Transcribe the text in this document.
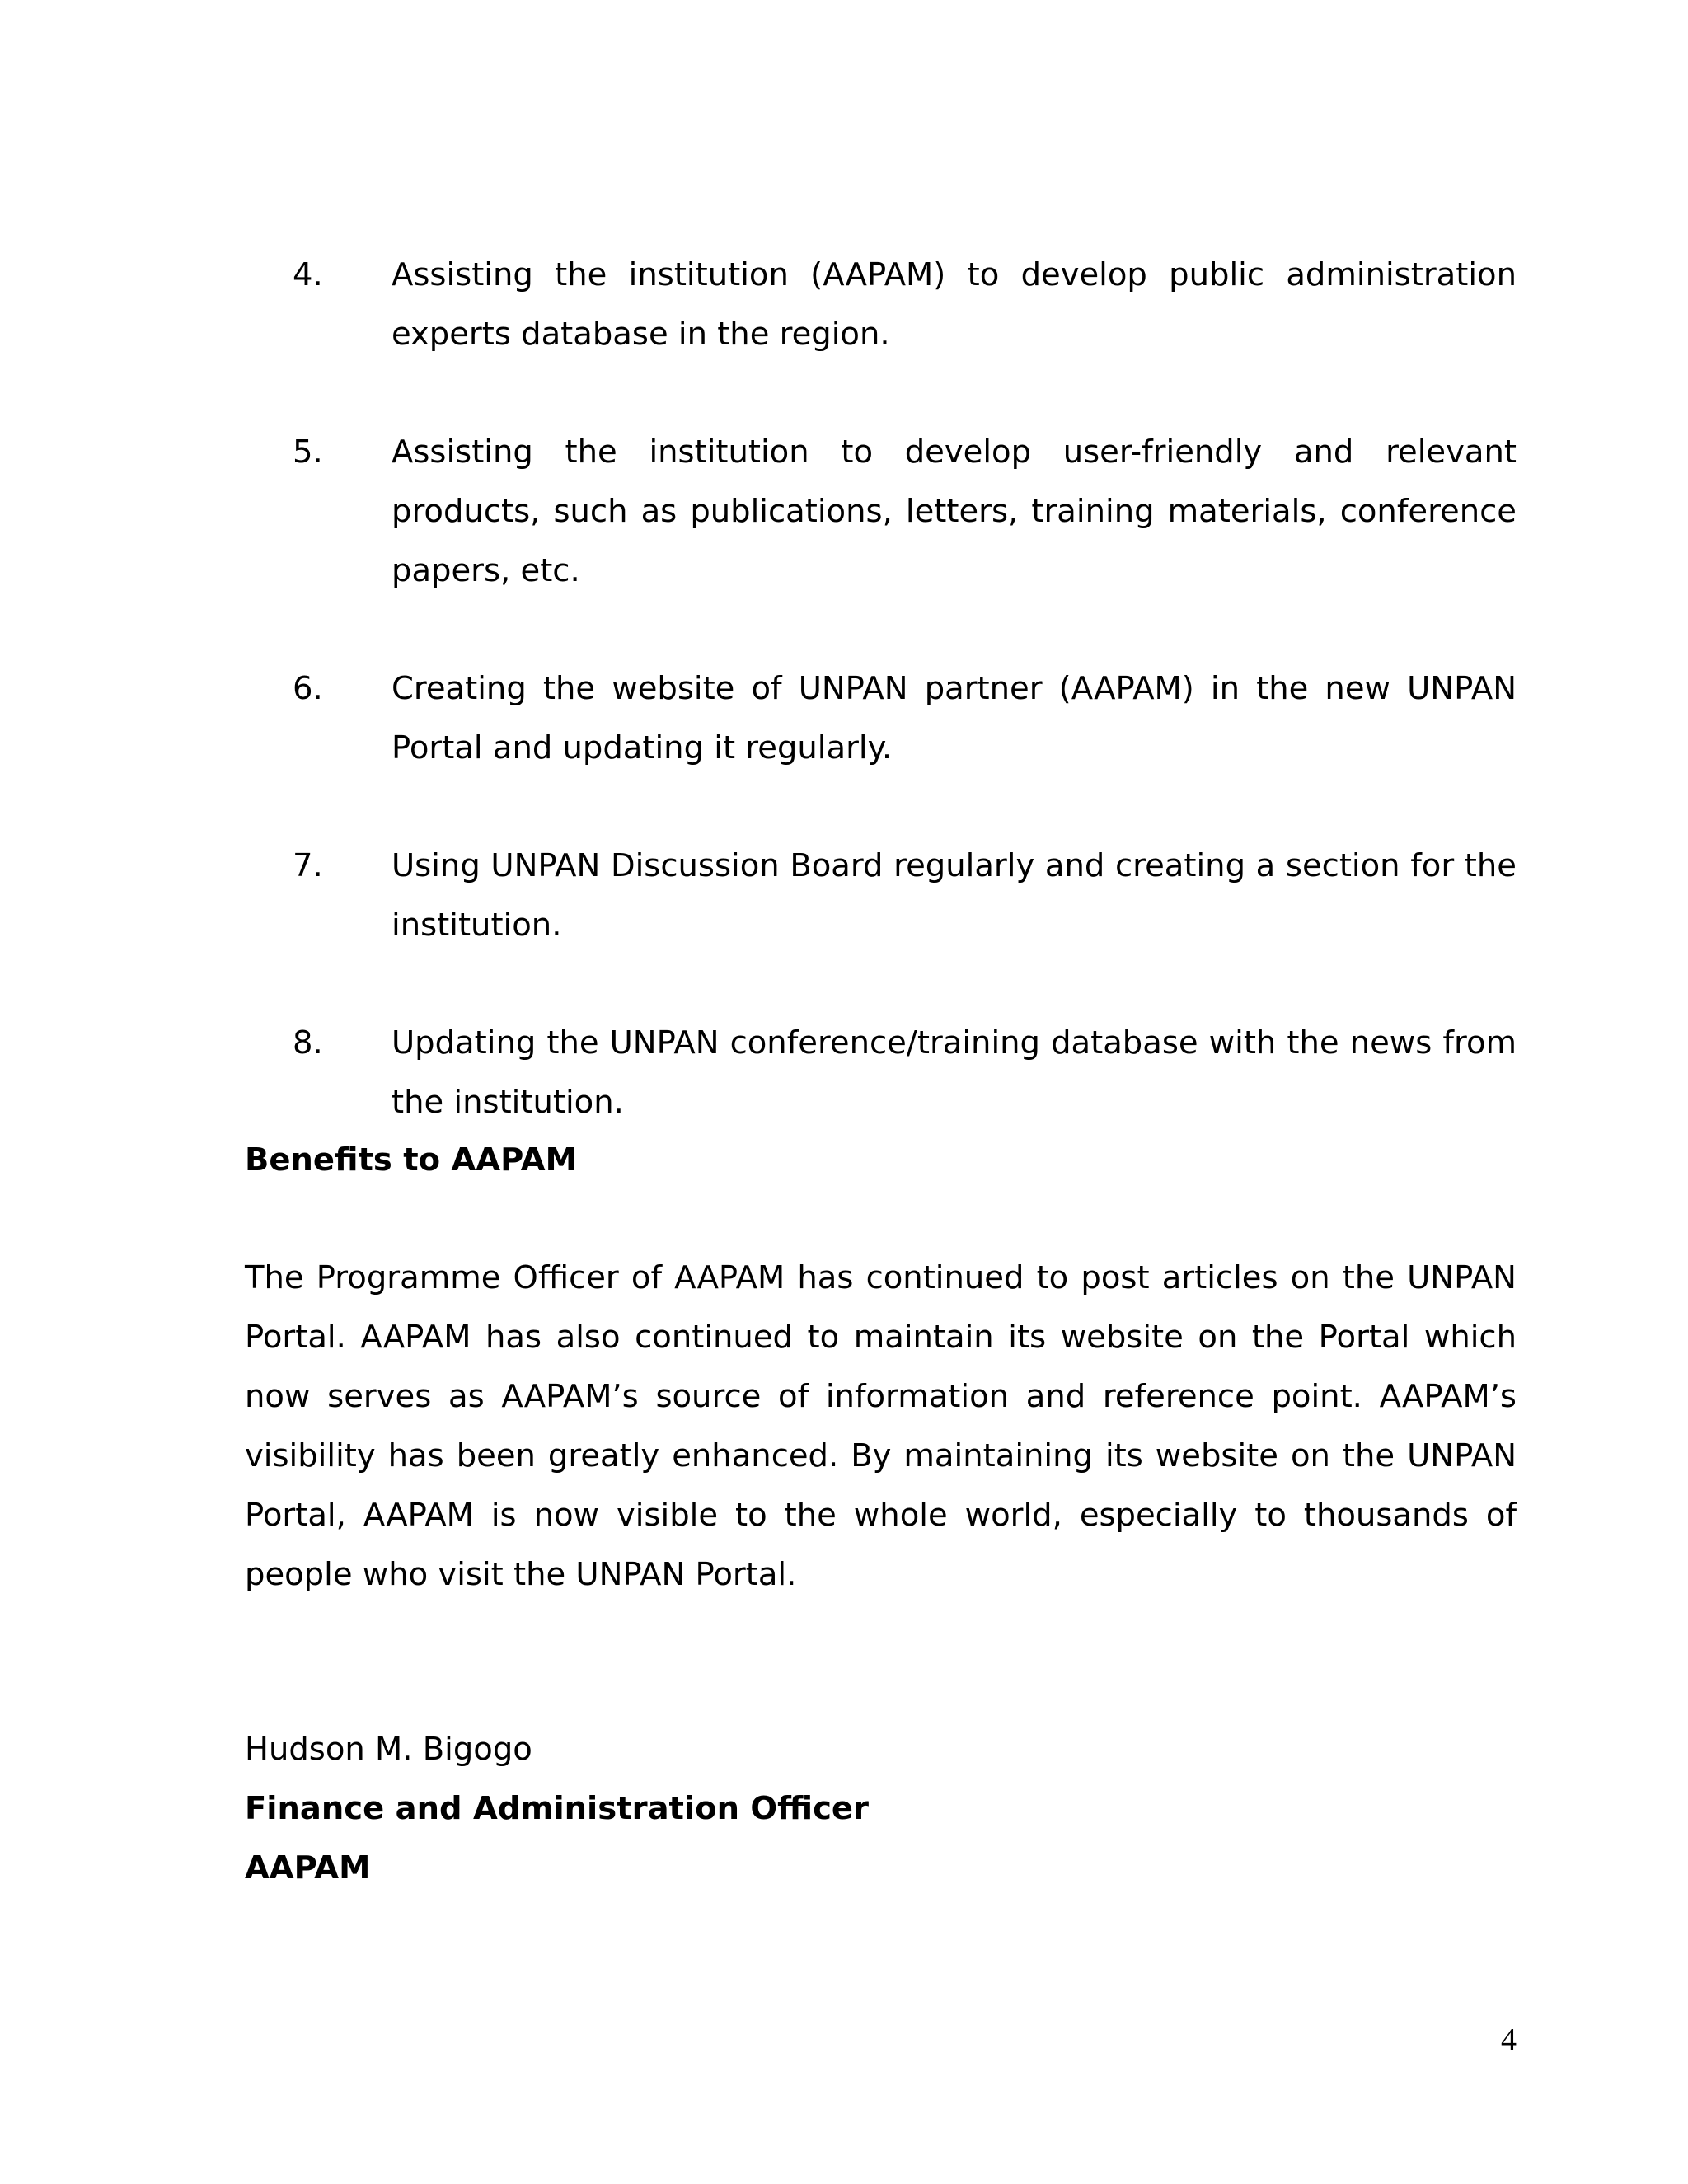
4. Assisting the institution (AAPAM) to develop public administration experts database in the region.
5. Assisting the institution to develop user-friendly and relevant products, such as publications, letters, training materials, conference papers, etc.
6. Creating the website of UNPAN partner (AAPAM) in the new UNPAN Portal and updating it regularly.
7. Using UNPAN Discussion Board regularly and creating a section for the institution.
8. Updating the UNPAN conference/training database with the news from the institution.
Benefits to AAPAM
The Programme Officer of AAPAM has continued to post articles on the UNPAN Portal. AAPAM has also continued to maintain its website on the Portal which now serves as AAPAM’s source of information and reference point. AAPAM’s visibility has been greatly enhanced. By maintaining its website on the UNPAN Portal, AAPAM is now visible to the whole world, especially to thousands of people who visit the UNPAN Portal.
Hudson M. Bigogo
Finance and Administration Officer
AAPAM
4
